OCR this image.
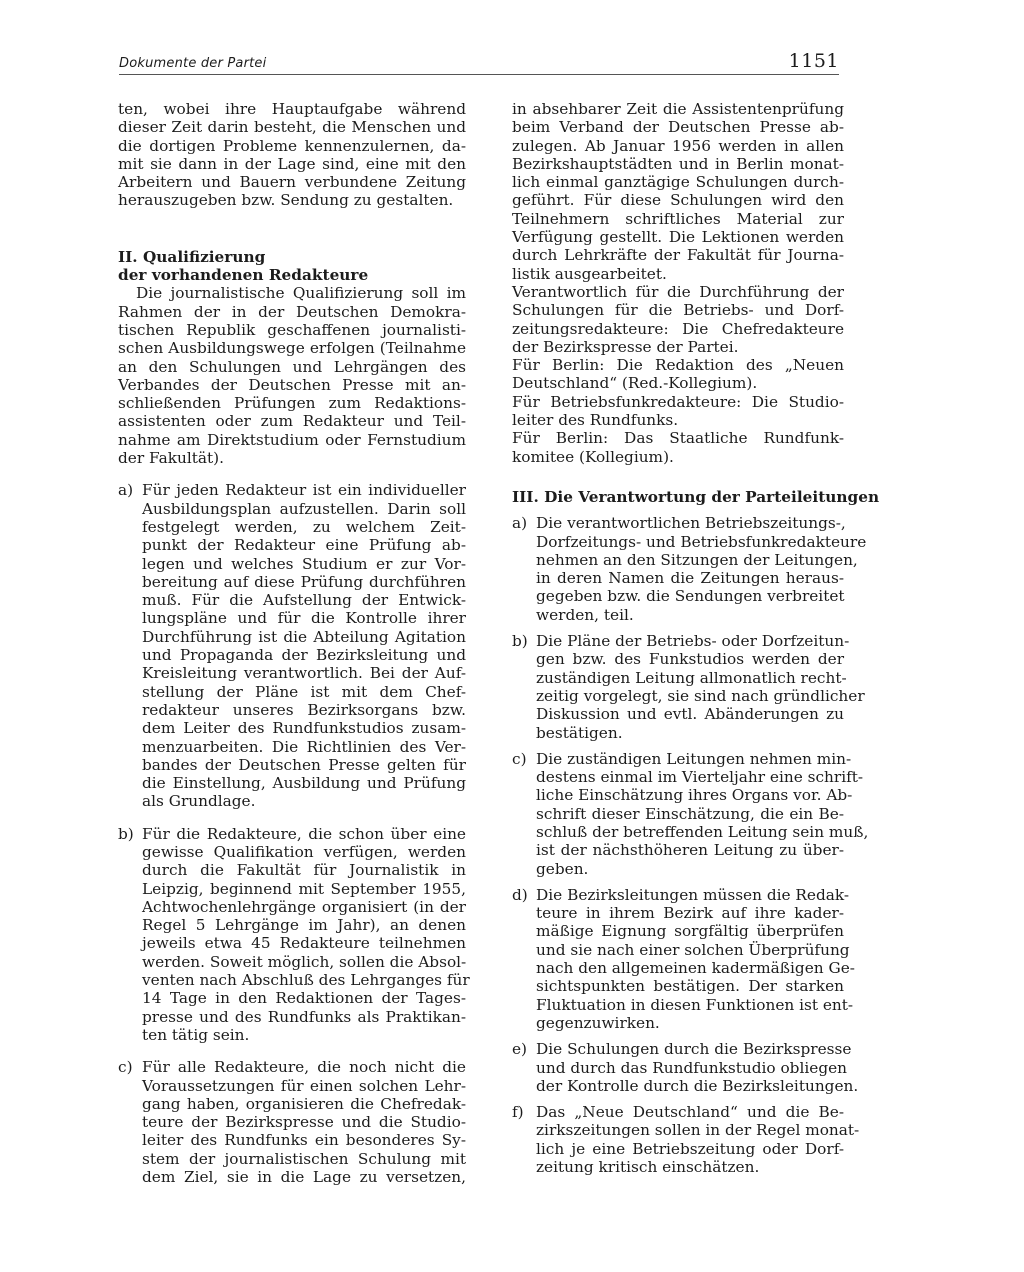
Dokumente der Partei	1151
ten, wobei ihre Hauptaufgabe während
dieser Zeit darin besteht, die Menschen und
die dortigen Probleme kennenzulernen, da-
mit sie dann in der Lage sind, eine mit den
Arbeitern und Bauern verbundene Zeitung
herauszugeben bzw. Sendung zu gestalten.
II. Qualifizierung
der vorhandenen Redakteure
Die journalistische Qualifizierung soll im
Rahmen der in der Deutschen Demokra-
tischen Republik geschaffenen journalisti-
schen Ausbildungswege erfolgen (Teilnahme
an den Schulungen und Lehrgängen des
Verbandes der Deutschen Presse mit an-
schließenden Prüfungen zum Redaktions-
assistenten oder zum Redakteur und Teil-
nahme am Direktstudium oder Fernstudium
der Fakultät).
a) Für jeden Redakteur ist ein individueller
Ausbildungsplan aufzustellen. Darin soll
festgelegt werden, zu welchem Zeit-
punkt der Redakteur eine Prüfung ab-
legen und welches Studium er zur Vor-
bereitung auf diese Prüfung durchführen
muß. Für die Aufstellung der Entwick-
lungspläne und für die Kontrolle ihrer
Durchführung ist die Abteilung Agitation
und Propaganda der Bezirksleitung und
Kreisleitung verantwortlich. Bei der Auf-
stellung der Pläne ist mit dem Chef-
redakteur unseres Bezirksorgans bzw.
dem Leiter des Rundfunkstudios zusam-
menzuarbeiten. Die Richtlinien des Ver-
bandes der Deutschen Presse gelten für
die Einstellung, Ausbildung und Prüfung
als Grundlage.
b) Für die Redakteure, die schon über eine
gewisse Qualifikation verfügen, werden
durch die Fakultät für Journalistik in
Leipzig, beginnend mit September 1955,
Achtwochenlehrgänge organisiert (in der
Regel 5 Lehrgänge im Jahr), an denen
jeweils etwa 45 Redakteure teilnehmen
werden. Soweit möglich, sollen die Absol-
venten nach Abschluß des Lehrganges für
14 Tage in den Redaktionen der Tages-
presse und des Rundfunks als Praktikan-
ten tätig sein.
c) Für alle Redakteure, die noch nicht die
Voraussetzungen für einen solchen Lehr-
gang haben, organisieren die Chefredak-
teure der Bezirkspresse und die Studio-
leiter des Rundfunks ein besonderes Sy-
stem der journalistischen Schulung mit
dem Ziel, sie in die Lage zu versetzen,
in absehbarer Zeit die Assistentenprüfung
beim Verband der Deutschen Presse ab-
zulegen. Ab Januar 1956 werden in allen
Bezirkshauptstädten und in Berlin monat-
lich einmal ganztägige Schulungen durch-
geführt. Für diese Schulungen wird den
Teilnehmern schriftliches Material zur
Verfügung gestellt. Die Lektionen werden
durch Lehrkräfte der Fakultät für Journa-
listik ausgearbeitet.
Verantwortlich für die Durchführung der
Schulungen für die Betriebs- und Dorf-
zeitungsredakteure: Die Chefredakteure
der Bezirkspresse der Partei.
Für Berlin: Die Redaktion des „Neuen
Deutschland“ (Red.-Kollegium).
Für Betriebsfunkredakteure: Die Studio-
leiter des Rundfunks.
Für Berlin: Das Staatliche Rundfunk-
komitee (Kollegium).
III. Die Verantwortung der Parteileitungen
a) Die verantwortlichen Betriebszeitungs-,
Dorfzeitungs- und Betriebsfunkredakteure
nehmen an den Sitzungen der Leitungen,
in deren Namen die Zeitungen heraus-
gegeben bzw. die Sendungen verbreitet
werden, teil.
b) Die Pläne der Betriebs- oder Dorfzeitun-
gen bzw. des Funkstudios werden der
zuständigen Leitung allmonatlich recht-
zeitig vorgelegt, sie sind nach gründlicher
Diskussion und evtl. Abänderungen zu
bestätigen.
c) Die zuständigen Leitungen nehmen min-
destens einmal im Vierteljahr eine schrift-
liche Einschätzung ihres Organs vor. Ab-
schrift dieser Einschätzung, die ein Be-
schluß der betreffenden Leitung sein muß,
ist der nächsthöheren Leitung zu über-
geben.
d) Die Bezirksleitungen müssen die Redak-
teure in ihrem Bezirk auf ihre kader-
mäßige Eignung sorgfältig überprüfen
und sie nach einer solchen Überprüfung
nach den allgemeinen kadermäßigen Ge-
sichtspunkten bestätigen. Der starken
Fluktuation in diesen Funktionen ist ent-
gegenzuwirken.
e) Die Schulungen durch die Bezirkspresse
und durch das Rundfunkstudio obliegen
der Kontrolle durch die Bezirksleitungen.
f) Das „Neue Deutschland“ und die Be-
zirkszeitungen sollen in der Regel monat-
lich je eine Betriebszeitung oder Dorf-
zeitung kritisch einschätzen.
